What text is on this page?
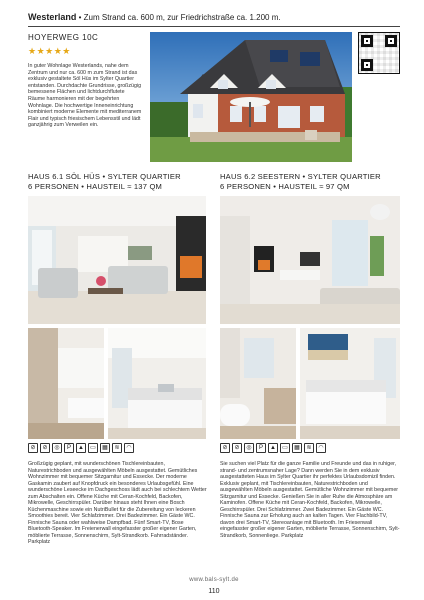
Westerland • Zum Strand ca. 600 m, zur Friedrichstraße ca. 1.200 m.
HOYERWEG 10C
★★★★★
In guter Wohnlage Westerlands, nahe dem Zentrum und nur ca. 600 m zum Strand ist das exklusiv gestaltete Söl Hüs im Sylter Quartier entstanden. Durchdachte Grundrisse, großzügig bemessene Flächen und lichtdurchflutete Räume harmonieren mit der begehrten Wohnlage. Die hochwertige Inneneinrichtung kombiniert moderne Elemente mit mediterranem Flair und typisch friesischem Lebensstil und lädt ganzjährig zum Verweilen ein.
HAUS 6.1 SÖL HÜS • SYLTER QUARTIER
6 PERSONEN • HAUSTEIL ≈ 137 QM
HAUS 6.2 SEESTERN • SYLTER QUARTIER
6 PERSONEN • HAUSTEIL ≈ 97 QM
⊘	⊘	◎	P	▲	▭	▦	≋	◠	⊘	⊘	◎	P	▲	▭	▦	≋	◠
Großzügig geplant, mit wunderschönen Tischlereinbauten, Naturestrichboden und ausgewählten Möbeln ausgestattet. Gemütliches Wohnzimmer mit bequemer Sitzgarnitur und Essecke. Der moderne Gaskamin zaubert auf Knopfdruck ein besonderes Urlaubsgefühl. Eine wunderschöne Leseecke im Dachgeschoss lädt auch bei schlechtem Wetter zum Abschalten ein. Offene Küche mit Ceran-Kochfeld, Backofen, Mikrowelle, Geschirrspüler. Darüber hinaus steht Ihnen eine Bosch Küchenmaschine sowie ein NutriBullet für die Zubereitung von leckeren Smoothies bereit. Vier Schlafzimmer. Drei Badezimmer. Ein Gäste WC. Finnische Sauna oder wahlweise Dampfbad. Fünf Smart-TV, Bose Bluetooth-Speaker. Im Freienerwall eingefasster großer eigener Garten, möblierte Terrasse, Sonnenschirm, Sylt-Strandkorb. Fahrradständer. Parkplatz
Sie suchen viel Platz für die ganze Familie und Freunde und das in ruhiger, strand- und zentrumsnaher Lage? Dann werden Sie in dem exklusiv ausgestatteten Haus im Sylter Quartier ihr perfektes Urlaubsdomizil finden. Exklusiv geplant, mit Tischlereinbauten, Naturestrichboden und ausgewählten Möbeln ausgestattet. Gemütliche Wohnzimmer mit bequemer Sitzgarnitur und Essecke. Genießen Sie in aller Ruhe die Atmosphäre am Kaminofen. Offene Küche mit Ceran-Kochfeld, Backofen, Mikrowelle, Geschirrspüler. Drei Schlafzimmer. Zwei Badezimmer. Ein Gäste WC. Finnische Sauna zur Erholung auch an kalten Tagen. Vier Flachbild-TV, davon drei Smart-TV, Stereoanlage mit Bluetooth. Im Friesenwall eingefasster großer eigener Garten, möblierte Terrasse, Sonnenschirm, Sylt-Strandkorb, Sonnenliege. Parkplatz
www.bals-sylt.de
110
